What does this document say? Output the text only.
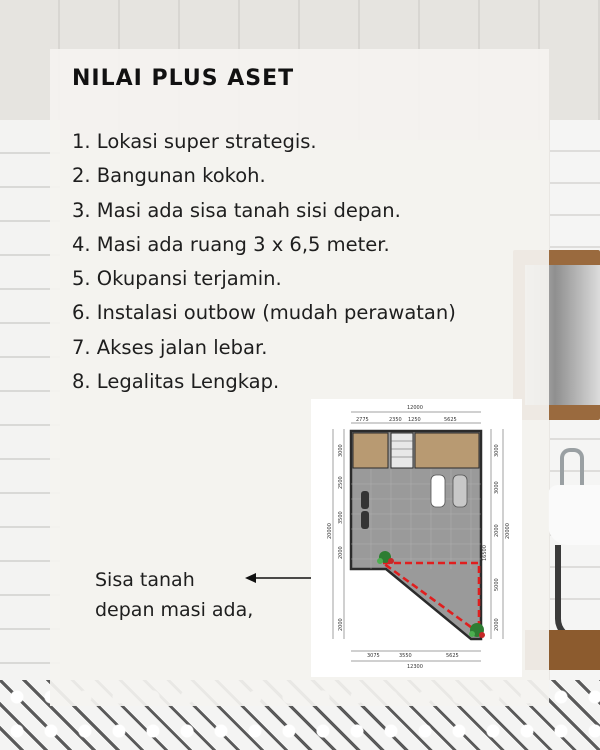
NILAI PLUS ASET
1. Lokasi super strategis.
2. Bangunan kokoh.
3. Masi ada sisa tanah sisi depan.
4. Masi ada ruang 3 x 6,5 meter.
5. Okupansi terjamin.
6. Instalasi outbow (mudah perawatan)
7. Akses jalan lebar.
8. Legalitas Lengkap.
Sisa tanah
depan masi ada,
12000
2775	2350 1250	5625
20000
3000
2500
3500
2000
2000
20000
3000
3000
2000
5000
2000
16500
3075	3550	5625
12300
